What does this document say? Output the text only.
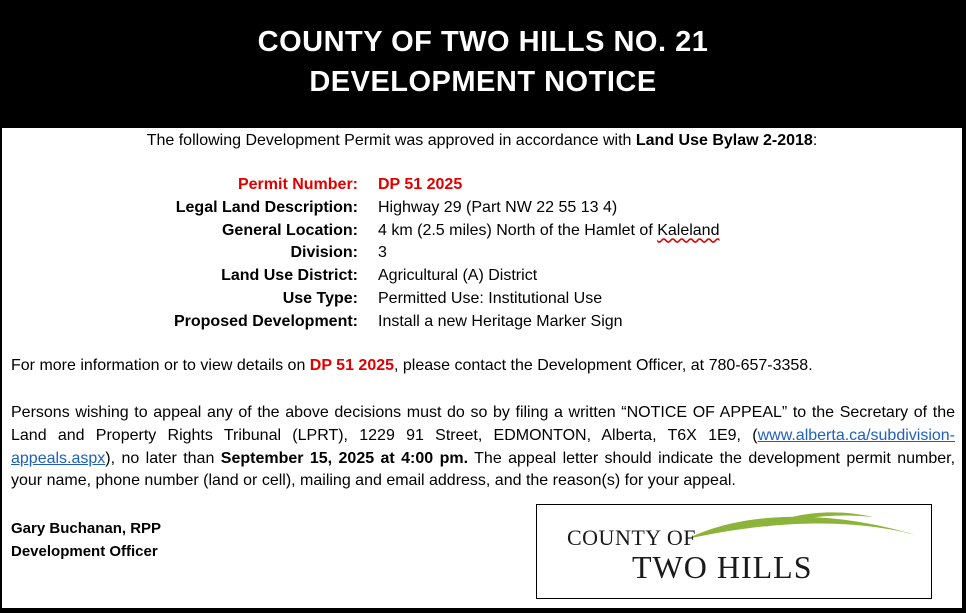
COUNTY OF TWO HILLS NO. 21
DEVELOPMENT NOTICE
The following Development Permit was approved in accordance with Land Use Bylaw 2-2018:
Permit Number: DP 51 2025
Legal Land Description: Highway 29 (Part NW 22 55 13 4)
General Location: 4 km (2.5 miles) North of the Hamlet of Kaleland
Division: 3
Land Use District: Agricultural (A) District
Use Type: Permitted Use: Institutional Use
Proposed Development: Install a new Heritage Marker Sign
For more information or to view details on DP 51 2025, please contact the Development Officer, at 780-657-3358.
Persons wishing to appeal any of the above decisions must do so by filing a written “NOTICE OF APPEAL” to the Secretary of the Land and Property Rights Tribunal (LPRT), 1229 91 Street, EDMONTON, Alberta, T6X 1E9, (www.alberta.ca/subdivision-appeals.aspx), no later than September 15, 2025 at 4:00 pm. The appeal letter should indicate the development permit number, your name, phone number (land or cell), mailing and email address, and the reason(s) for your appeal.
Gary Buchanan, RPP
Development Officer
COUNTY OF
TWO HILLS
